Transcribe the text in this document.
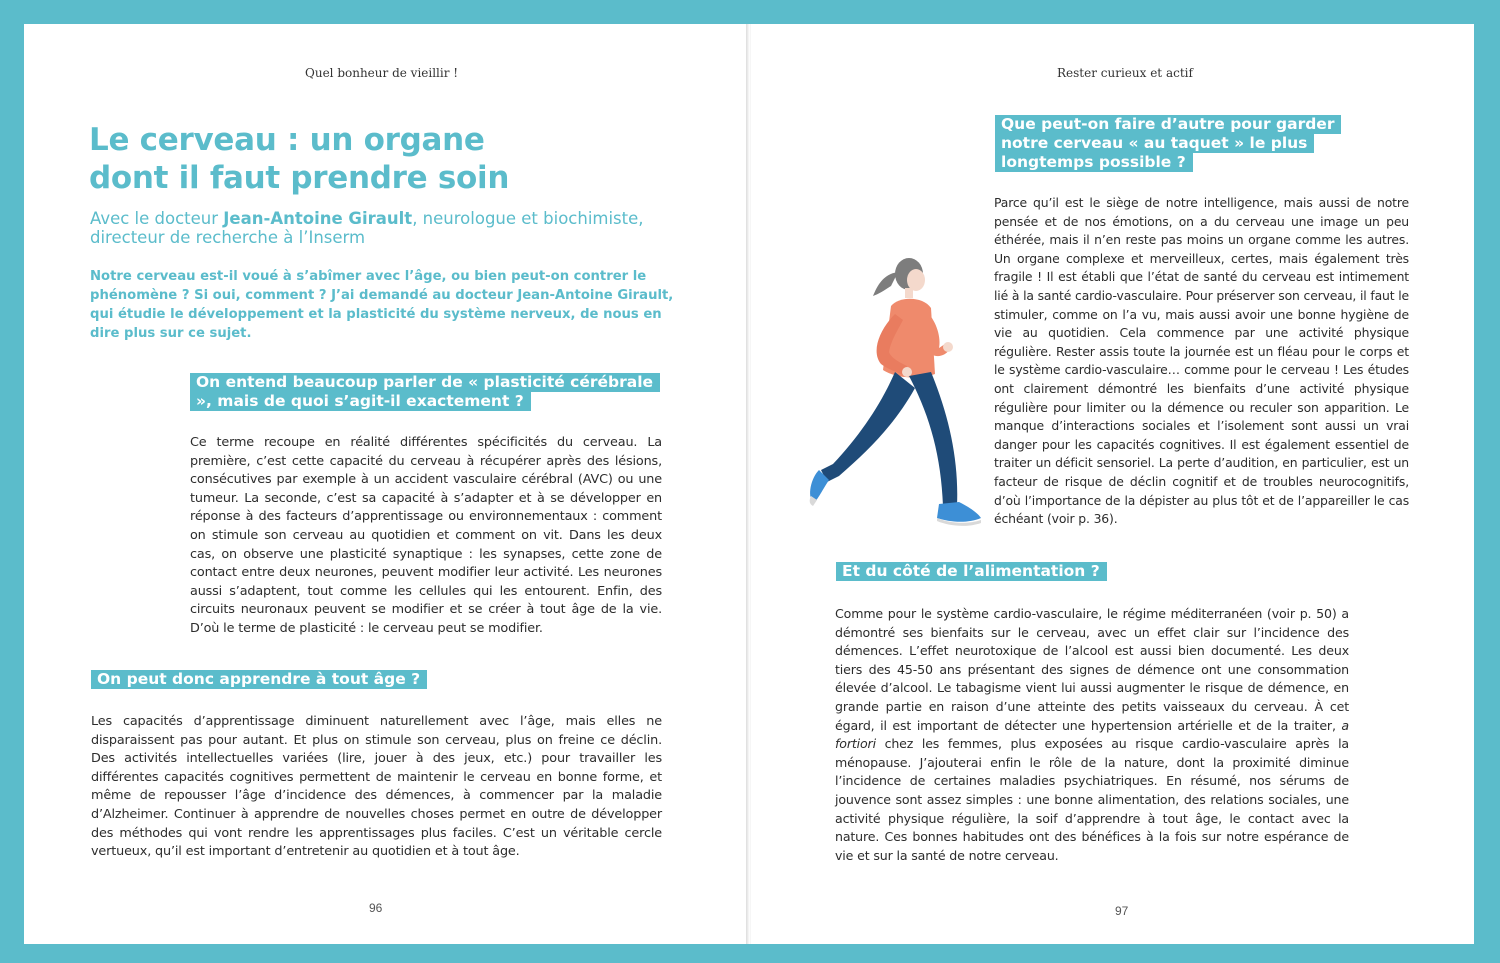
Quel bonheur de vieillir !
Le cerveau : un organe
dont il faut prendre soin

Avec le docteur Jean-Antoine Girault, neurologue et biochimiste, directeur de recherche à l’Inserm

Notre cerveau est-il voué à s’abîmer avec l’âge, ou bien peut-on contrer le phénomène ? Si oui, comment ? J’ai demandé au docteur Jean-Antoine Girault, qui étudie le développement et la plasticité du système nerveux, de nous en dire plus sur ce sujet.

On entend beaucoup parler de « plasticité cérébrale », mais de quoi s’agit-il exactement ?

Ce terme recoupe en réalité différentes spécificités du cerveau. La première, c’est cette capacité du cerveau à récupérer après des lésions, consécutives par exemple à un accident vasculaire cérébral (AVC) ou une tumeur. La seconde, c’est sa capacité à s’adapter et à se développer en réponse à des facteurs d’apprentissage ou environnementaux : comment on stimule son cerveau au quotidien et comment on vit. Dans les deux cas, on observe une plasticité synaptique : les synapses, cette zone de contact entre deux neurones, peuvent modifier leur activité. Les neurones aussi s’adaptent, tout comme les cellules qui les entourent. Enfin, des circuits neuronaux peuvent se modifier et se créer à tout âge de la vie. D’où le terme de plasticité : le cerveau peut se modifier.

On peut donc apprendre à tout âge ?

Les capacités d’apprentissage diminuent naturellement avec l’âge, mais elles ne disparaissent pas pour autant. Et plus on stimule son cerveau, plus on freine ce déclin. Des activités intellectuelles variées (lire, jouer à des jeux, etc.) pour travailler les différentes capacités cognitives permettent de maintenir le cerveau en bonne forme, et même de repousser l’âge d’incidence des démences, à commencer par la maladie d’Alzheimer. Continuer à apprendre de nouvelles choses permet en outre de développer des méthodes qui vont rendre les apprentissages plus faciles. C’est un véritable cercle vertueux, qu’il est important d’entretenir au quotidien et à tout âge.

96
Rester curieux et actif

Que peut-on faire d’autre pour garder notre cerveau « au taquet » le plus longtemps possible ?

Parce qu’il est le siège de notre intelligence, mais aussi de notre pensée et de nos émotions, on a du cerveau une image un peu éthérée, mais il n’en reste pas moins un organe comme les autres. Un organe complexe et merveilleux, certes, mais également très fragile ! Il est établi que l’état de santé du cerveau est intimement lié à la santé cardio-vasculaire. Pour préserver son cerveau, il faut le stimuler, comme on l’a vu, mais aussi avoir une bonne hygiène de vie au quotidien. Cela commence par une activité physique régulière. Rester assis toute la journée est un fléau pour le corps et le système cardio-vasculaire… comme pour le cerveau ! Les études ont clairement démontré les bienfaits d’une activité physique régulière pour limiter ou la démence ou reculer son apparition. Le manque d’interactions sociales et l’isolement sont aussi un vrai danger pour les capacités cognitives. Il est également essentiel de traiter un déficit sensoriel. La perte d’audition, en particulier, est un facteur de risque de déclin cognitif et de troubles neurocognitifs, d’où l’importance de la dépister au plus tôt et de l’appareiller le cas échéant (voir p. 36).

Et du côté de l’alimentation ?

Comme pour le système cardio-vasculaire, le régime méditerranéen (voir p. 50) a démontré ses bienfaits sur le cerveau, avec un effet clair sur l’incidence des démences. L’effet neurotoxique de l’alcool est aussi bien documenté. Les deux tiers des 45-50 ans présentant des signes de démence ont une consommation élevée d’alcool. Le tabagisme vient lui aussi augmenter le risque de démence, en grande partie en raison d’une atteinte des petits vaisseaux du cerveau. À cet égard, il est important de détecter une hypertension artérielle et de la traiter, a fortiori chez les femmes, plus exposées au risque cardio-vasculaire après la ménopause. J’ajouterai enfin le rôle de la nature, dont la proximité diminue l’incidence de certaines maladies psychiatriques. En résumé, nos sérums de jouvence sont assez simples : une bonne alimentation, des relations sociales, une activité physique régulière, la soif d’apprendre à tout âge, le contact avec la nature. Ces bonnes habitudes ont des bénéfices à la fois sur notre espérance de vie et sur la santé de notre cerveau.

97
